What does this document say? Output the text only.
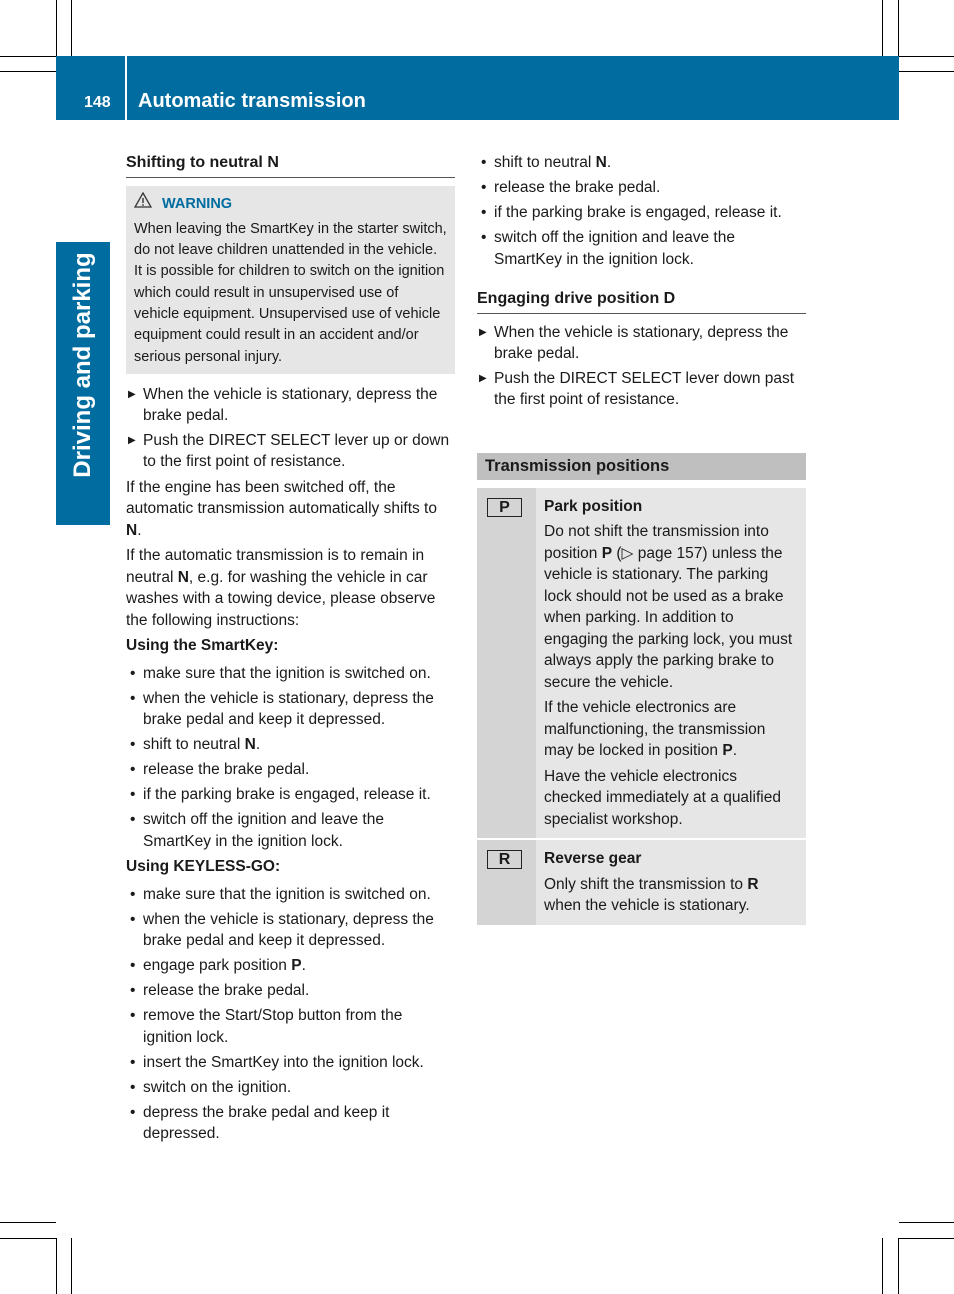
148 Automatic transmission
Driving and parking
Shifting to neutral N
WARNING
When leaving the SmartKey in the starter switch, do not leave children unattended in the vehicle. It is possible for children to switch on the ignition which could result in unsupervised use of vehicle equipment. Unsupervised use of vehicle equipment could result in an accident and/or serious personal injury.
▶ When the vehicle is stationary, depress the brake pedal.
▶ Push the DIRECT SELECT lever up or down to the first point of resistance.

If the engine has been switched off, the automatic transmission automatically shifts to N.

If the automatic transmission is to remain in neutral N, e.g. for washing the vehicle in car washes with a towing device, please observe the following instructions:

Using the SmartKey:
• make sure that the ignition is switched on.
• when the vehicle is stationary, depress the brake pedal and keep it depressed.
• shift to neutral N.
• release the brake pedal.
• if the parking brake is engaged, release it.
• switch off the ignition and leave the SmartKey in the ignition lock.
Using KEYLESS-GO:
• make sure that the ignition is switched on.
• when the vehicle is stationary, depress the brake pedal and keep it depressed.
• engage park position P.
• release the brake pedal.
• remove the Start/Stop button from the ignition lock.
• insert the SmartKey into the ignition lock.
• switch on the ignition.
• depress the brake pedal and keep it depressed.
• shift to neutral N.
• release the brake pedal.
• if the parking brake is engaged, release it.
• switch off the ignition and leave the SmartKey in the ignition lock.
Engaging drive position D
▶ When the vehicle is stationary, depress the brake pedal.
▶ Push the DIRECT SELECT lever down past the first point of resistance.
Transmission positions
P	Park position

Do not shift the transmission into position P (▷ page 157) unless the vehicle is stationary. The parking lock should not be used as a brake when parking. In addition to engaging the parking lock, you must always apply the parking brake to secure the vehicle.

If the vehicle electronics are malfunctioning, the transmission may be locked in position P.

Have the vehicle electronics checked immediately at a qualified specialist workshop.

R	Reverse gear

Only shift the transmission to R when the vehicle is stationary.
